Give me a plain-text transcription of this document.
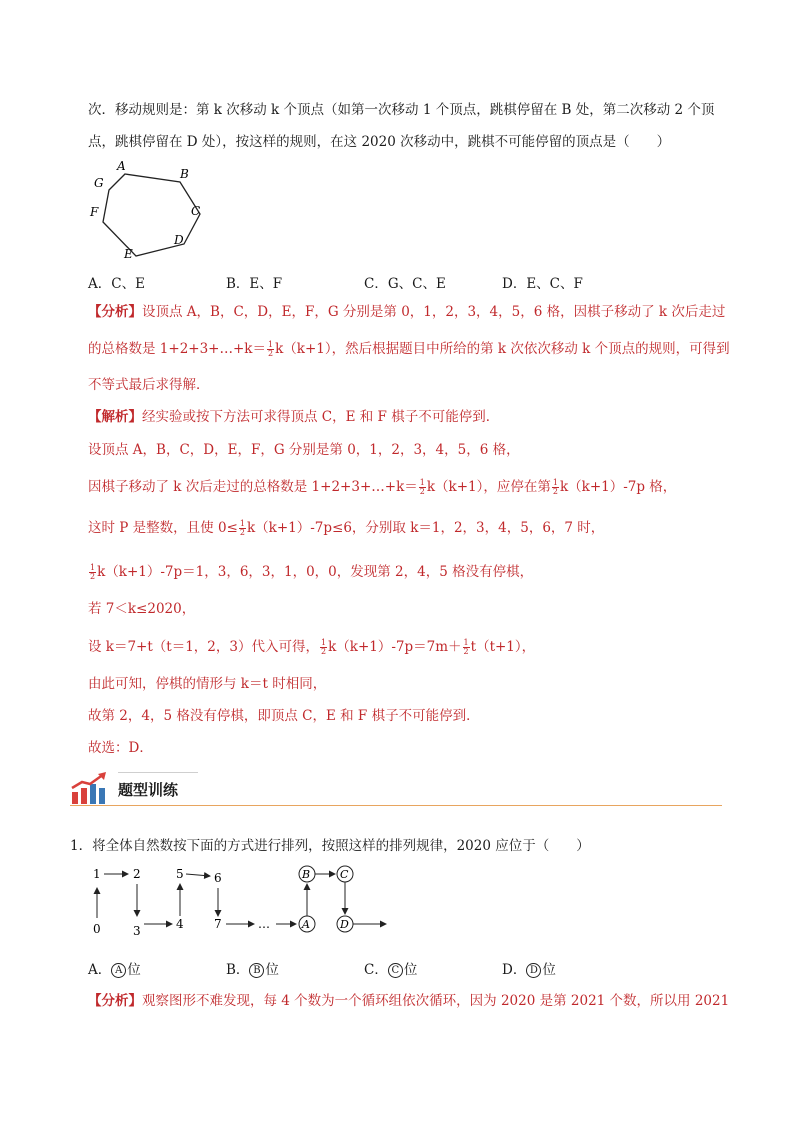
次．移动规则是：第 k 次移动 k 个顶点（如第一次移动 1 个顶点，跳棋停留在 B 处，第二次移动 2 个顶
点，跳棋停留在 D 处），按这样的规则，在这 2020 次移动中，跳棋不可能停留的顶点是（　　）
A
B
C
D
E
F
G
A．C、E	B．E、F	C．G、C、E	D．E、C、F
【分析】设顶点 A，B，C，D，E，F，G 分别是第 0，1，2，3，4，5，6 格，因棋子移动了 k 次后走过
的总格数是 1+2+3+…+k＝ $\frac{1}{2} k(k+1)$，然后根据题目中所给的第 k 次依次移动 k 个顶点的规则，可得到
不等式最后求得解．
【解析】经实验或按下方法可求得顶点 C，E 和 F 棋子不可能停到．
设顶点 A，B，C，D，E，F，G 分别是第 0，1，2，3，4，5，6 格，
因棋子移动了 k 次后走过的总格数是 1+2+3+…+k＝ $\frac{1}{2} k(k+1)$，应停在第 $\frac{1}{2} k(k+1)-7p$ 格，
这时 P 是整数，且使 $0\le \frac{1}{2} k(k+1)-7p\le 6$，分别取 k＝1，2，3，4，5，6，7 时，
$\frac{1}{2} k(k+1)-7p=1$，3，6，3，1，0，0，发现第 2，4，5 格没有停棋，
若 7＜k≤2020，
设 k＝7+t（t＝1，2，3）代入可得， $\frac{1}{2} k(k+1)-7p=7m+ \frac{1}{2} t(t+1)$，
由此可知，停棋的情形与 k＝t 时相同，
故第 2，4，5 格没有停棋，即顶点 C，E 和 F 棋子不可能停到．
故选：D．
题型训练
1．将全体自然数按下面的方式进行排列，按照这样的排列规律，2020 应位于（　　）
0
1	2
3	4
5	6
7	…
B	C
A	D
A． A 位	B． B 位	C． C 位	D． D 位
【分析】观察图形不难发现，每 4 个数为一个循环组依次循环，因为 2020 是第 2021 个数，所以用 2021
